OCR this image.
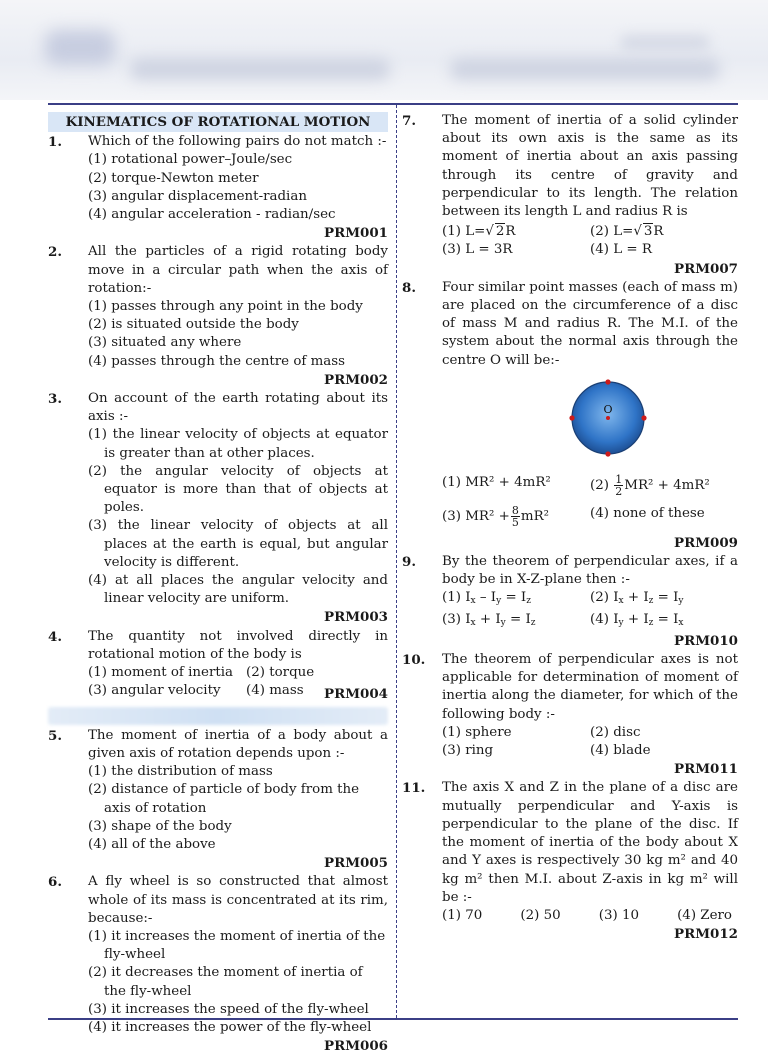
KINEMATICS OF ROTATIONAL MOTION
1.	Which of the following pairs do not match :-
(1) rotational power–Joule/sec
(2) torque-Newton meter
(3) angular displacement-radian
(4) angular acceleration - radian/sec
PRM001
2.	All the particles of a rigid rotating body move in a circular path when the axis of rotation:-
(1) passes through any point in the body
(2) is situated outside the body
(3) situated any where
(4) passes through the centre of mass
PRM002
3.	On account of the earth rotating about its axis :-
(1) the linear velocity of objects at equator is greater than at other places.
(2) the angular velocity of objects at equator is more than that of objects at poles.
(3) the linear velocity of objects at all places at the earth is equal, but angular velocity is different.
(4) at all places the angular velocity and linear velocity are uniform.
PRM003
4.	The quantity not involved directly in rotational motion of the body is
(1) moment of inertia (2) torque
(3) angular velocity	(4) mass	PRM004
5.	The moment of inertia of a body about a given axis of rotation depends upon :-
(1) the distribution of mass
(2) distance of particle of body from the axis of rotation
(3) shape of the body
(4) all of the above
PRM005
6.	A fly wheel is so constructed that almost whole of its mass is concentrated at its rim, because:-
(1) it increases the moment of inertia of the fly-wheel
(2) it decreases the moment of inertia of the fly-wheel
(3) it increases the speed of the fly-wheel
(4) it increases the power of the fly-wheel
PRM006
7.	The moment of inertia of a solid cylinder about its own axis is the same as its moment of inertia about an axis passing through its centre of gravity and perpendicular to its length. The relation between its length L and radius R is
(1) L=√ 2R	(2) L=√ 3R
(3) L = 3R	(4) L = R
PRM007
8.	Four similar point masses (each of mass m) are placed on the circumference of a disc of mass M and radius R. The M.I. of the system about the normal axis through the centre O will be:-
O
(1) MR² + 4mR²	$(2) \frac{1}{2} MR^2 + 4mR^2$
(3) $MR^2 + \frac{8}{5} mR^2$	(4) none of these
PRM009
9.	By the theorem of perpendicular axes, if a body be in X-Z-plane then :-
(1) $I_x - I_y = I_z$	(2) $I_x + I_z = I_y$
(3) $I_x + I_y = I_z$	(4) $I_y + I_z = I_x$
PRM010
10.	The theorem of perpendicular axes is not applicable for determination of moment of inertia along the diameter, for which of the following body :-
(1) sphere	(2) disc
(3) ring	(4) blade
PRM011
11.	The axis X and Z in the plane of a disc are mutually perpendicular and Y-axis is perpendicular to the plane of the disc. If the moment of inertia of the body about X and Y axes is respectively 30 kg m² and 40 kg m² then M.I. about Z-axis in kg m² will be :-
(1) 70	(2) 50	(3) 10	(4) Zero
PRM012
